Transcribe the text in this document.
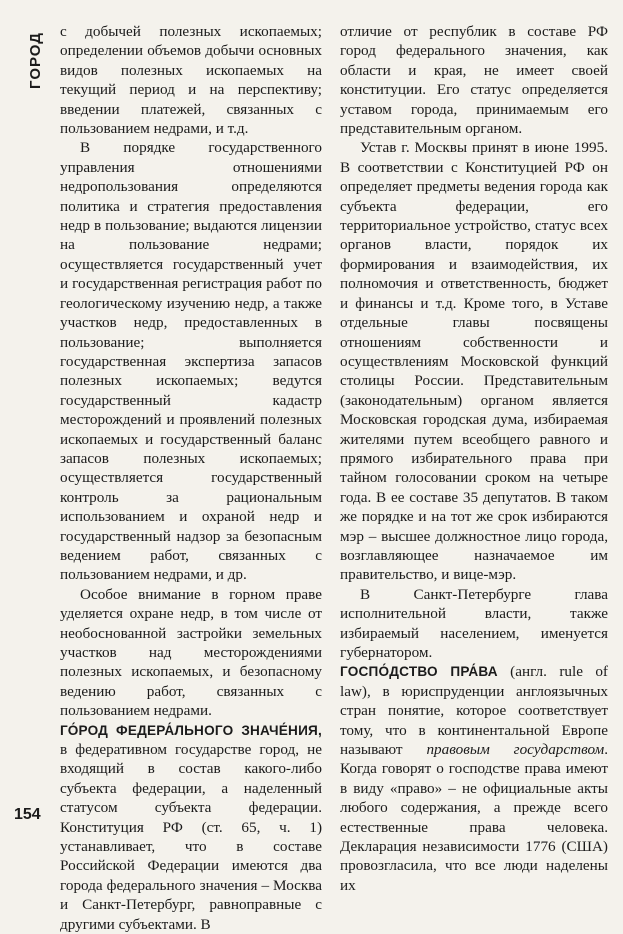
ГОРОД

с добычей полезных ископаемых; определении объемов добычи основных видов полезных ископаемых на текущий период и на перспективу; введении платежей, связанных с пользованием недрами, и т.д.

В порядке государственного управления отношениями недропользования определяются политика и стратегия предоставления недр в пользование; выдаются лицензии на пользование недрами; осуществляется государственный учет и государственная регистрация работ по геологическому изучению недр, а также участков недр, предоставленных в пользование; выполняется государственная экспертиза запасов полезных ископаемых; ведутся государственный кадастр месторождений и проявлений полезных ископаемых и государственный баланс запасов полезных ископаемых; осуществляется государственный контроль за рациональным использованием и охраной недр и государственный надзор за безопасным ведением работ, связанных с пользованием недрами, и др.

Особое внимание в горном праве уделяется охране недр, в том числе от необоснованной застройки земельных участков над месторождениями полезных ископаемых, и безопасному ведению работ, связанных с пользованием недрами.

ГО́РОД ФЕДЕРА́ЛЬНОГО ЗНАЧЕ́НИЯ, в федеративном государстве город, не входящий в состав какого-либо субъекта федерации, а наделенный статусом субъекта федерации. Конституция РФ (ст. 65, ч. 1) устанавливает, что в составе Российской Федерации имеются два города федерального значения – Москва и Санкт-Петербург, равноправные с другими субъектами. В

отличие от республик в составе РФ город федерального значения, как области и края, не имеет своей конституции. Его статус определяется уставом города, принимаемым его представительным органом.

Устав г. Москвы принят в июне 1995. В соответствии с Конституцией РФ он определяет предметы ведения города как субъекта федерации, его территориальное устройство, статус всех органов власти, порядок их формирования и взаимодействия, их полномочия и ответственность, бюджет и финансы и т.д. Кроме того, в Уставе отдельные главы посвящены отношениям собственности и осуществлениям Московской функций столицы России. Представительным (законодательным) органом является Московская городская дума, избираемая жителями путем всеобщего равного и прямого избирательного права при тайном голосовании сроком на четыре года. В ее составе 35 депутатов. В таком же порядке и на тот же срок избираются мэр – высшее должностное лицо города, возглавляющее назначаемое им правительство, и вице-мэр.

В Санкт-Петербурге глава исполнительной власти, также избираемый населением, именуется губернатором.

ГОСПО́ДСТВО ПРА́ВА (англ. rule of law), в юриспруденции англоязычных стран понятие, которое соответствует тому, что в континентальной Европе называют правовым государством. Когда говорят о господстве права имеют в виду «право» – не официальные акты любого содержания, а прежде всего естественные права человека. Декларация независимости 1776 (США) провозгласила, что все люди наделены их

154
